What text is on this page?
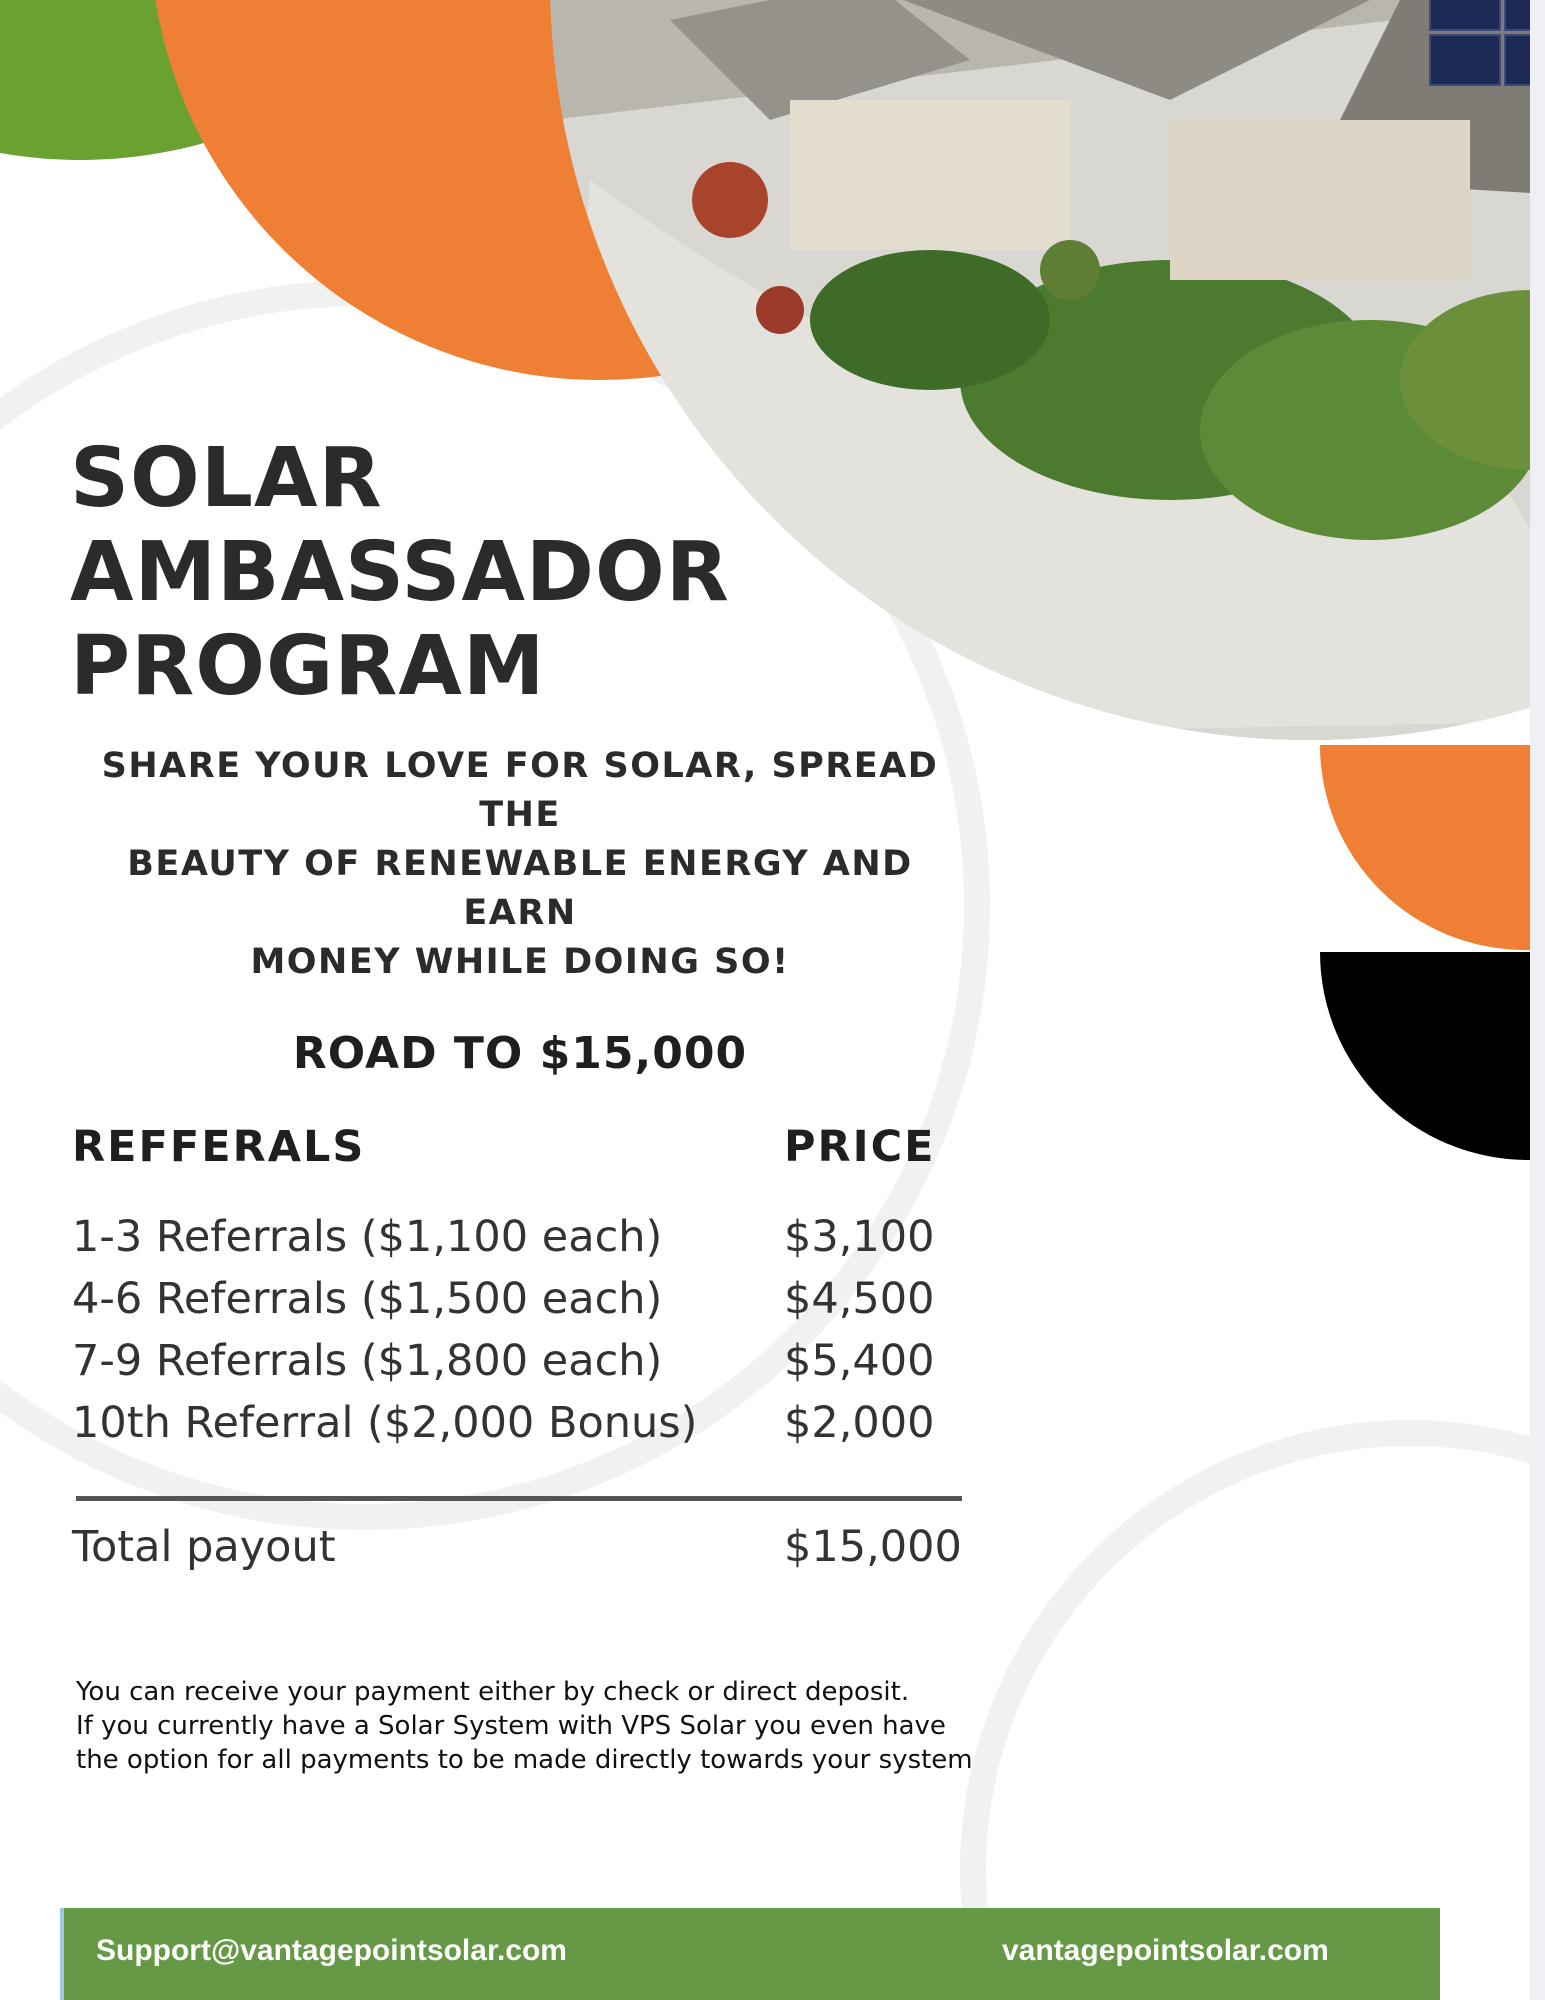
SOLAR
AMBASSADOR
PROGRAM

SHARE YOUR LOVE FOR SOLAR, SPREAD THE
BEAUTY OF RENEWABLE ENERGY AND EARN
MONEY WHILE DOING SO!

ROAD TO $15,000
REFFERALS	PRICE
1-3 Referrals ($1,100 each)	$3,100
4-6 Referrals ($1,500 each)	$4,500
7-9 Referrals ($1,800 each)	$5,400
10th Referral ($2,000 Bonus) $2,000
Total payout	$15,000

You can receive your payment either by check or direct deposit.
If you currently have a Solar System with VPS Solar you even have
the option for all payments to be made directly towards your system

Support@vantagepointsolar.com	vantagepointsolar.com
